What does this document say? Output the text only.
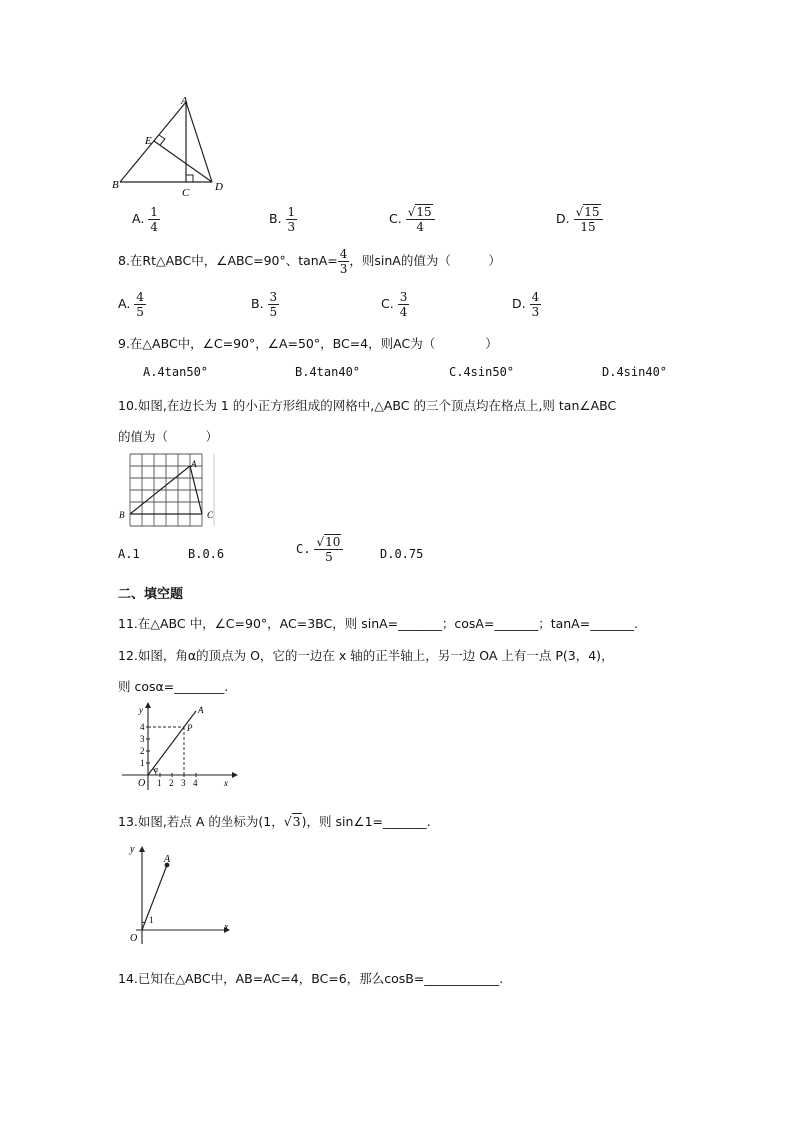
A
B
C D
E
A. $\frac{1}{4}$	B. $\frac{1}{3}$	C. $\frac{√15}{4}$	D. $\frac{√15}{15}$
8.在Rt△ABC中，∠ABC=90°、$\tan A= \frac{4}{3}$ ，则sinA的值为（　　　）
A. $\frac{4}{5}$	B. $\frac{3}{5}$	C. $\frac{3}{4}$	D. $\frac{4}{3}$
9.在△ABC中，∠C=90°，∠A=50°，BC=4，则AC为（　　　　）
A.4tan50°	B.4tan40°	C.4sin50°	D.4sin40°
10.如图,在边长为 1 的小正方形组成的网格中,△ABC 的三个顶点均在格点上,则 tan∠ABC
的值为（　　　）
A
B	C
A.1	B.0.6	C. $\frac{√10}{5}$	D.0.75
二、填空题
11.在△ABC 中，∠C=90°，AC=3BC，则 sinA=_______；cosA=_______；tanA=_______.
12.如图，角α的顶点为 O，它的一边在 x 轴的正半轴上，另一边 OA 上有一点 P(3，4)，
则 cosα=________.
y
x
O
A
P
α
1 2 3 4
1
2
3
4
13.如图,若点 A 的坐标为(1，√3)，则 sin∠1=_______.
y
x
O
A
1
14.已知在△ABC中，AB=AC=4，BC=6，那么cosB=____________.
